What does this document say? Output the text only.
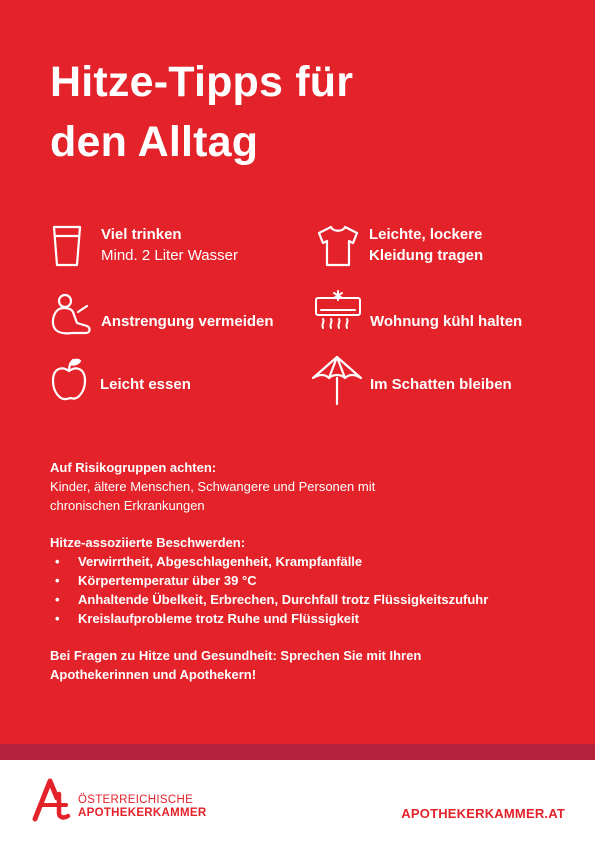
Hitze-Tipps für
den Alltag
Viel trinken
Mind. 2 Liter Wasser
Leichte, lockere
Kleidung tragen
Anstrengung vermeiden	Wohnung kühl halten
Leicht essen	Im Schatten bleiben

Auf Risikogruppen achten:

Kinder, ältere Menschen, Schwangere und Personen mit

chronischen Erkrankungen

Hitze-assoziierte Beschwerden:

• Verwirrtheit, Abgeschlagenheit, Krampfanfälle
• Körpertemperatur über 39 °C
• Anhaltende Übelkeit, Erbrechen, Durchfall trotz Flüssigkeitszufuhr
• Kreislaufprobleme trotz Ruhe und Flüssigkeit

Bei Fragen zu Hitze und Gesundheit: Sprechen Sie mit Ihren

Apothekerinnen und Apothekern!

ÖSTERREICHISCHE
APOTHEKERKAMMER	APOTHEKERKAMMER.AT
